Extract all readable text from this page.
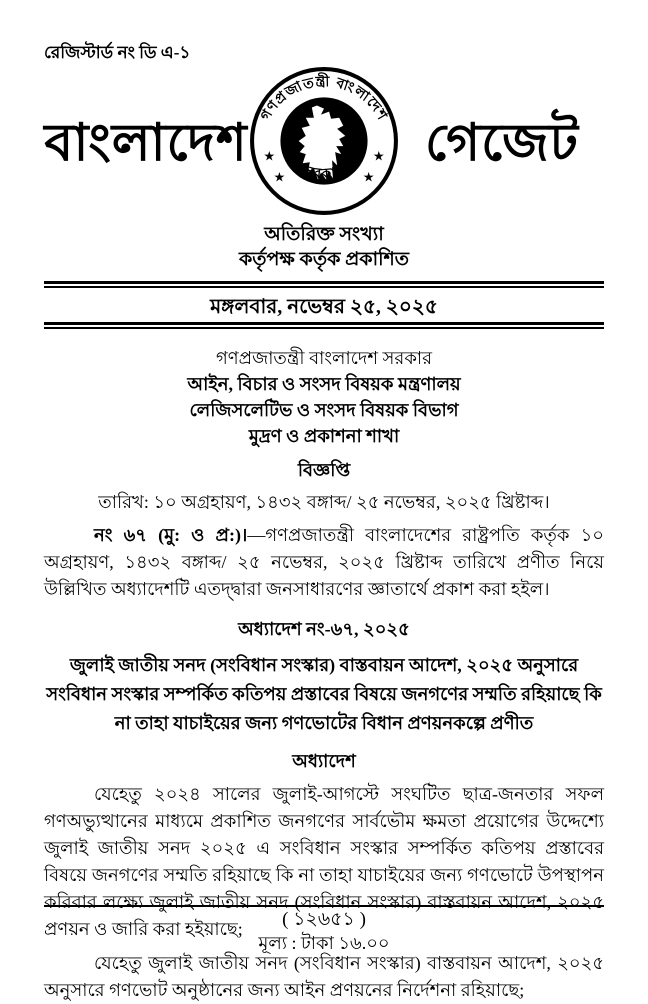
রেজিস্টার্ড নং ডি এ-১
বাংলাদেশ
গণপ্রজাতন্ত্রী বাংলাদেশ
সরকার
★
★
★
★
গেজেট
অতিরিক্ত সংখ্যা
কর্তৃপক্ষ কর্তৃক প্রকাশিত
মঙ্গলবার, নভেম্বর ২৫, ২০২৫
গণপ্রজাতন্ত্রী বাংলাদেশ সরকার
আইন, বিচার ও সংসদ বিষয়ক মন্ত্রণালয়
লেজিসলেটিভ ও সংসদ বিষয়ক বিভাগ
মুদ্রণ ও প্রকাশনা শাখা
বিজ্ঞপ্তি
তারিখ: ১০ অগ্রহায়ণ, ১৪৩২ বঙ্গাব্দ/ ২৫ নভেম্বর, ২০২৫ খ্রিষ্টাব্দ।

নং ৬৭ (মু: ও প্র:)।—গণপ্রজাতন্ত্রী বাংলাদেশের রাষ্ট্রপতি কর্তৃক ১০ অগ্রহায়ণ, ১৪৩২ বঙ্গাব্দ/ ২৫ নভেম্বর, ২০২৫ খ্রিষ্টাব্দ তারিখে প্রণীত নিয়ে উল্লিখিত অধ্যাদেশটি এতদ্দ্বারা জনসাধারণের জ্ঞাতার্থে প্রকাশ করা হইল।

অধ্যাদেশ নং-৬৭, ২০২৫
জুলাই জাতীয় সনদ (সংবিধান সংস্কার) বাস্তবায়ন আদেশ, ২০২৫ অনুসারে সংবিধান সংস্কার সম্পর্কিত কতিপয় প্রস্তাবের বিষয়ে জনগণের সম্মতি রহিয়াছে কি না তাহা যাচাইয়ের জন্য গণভোটের বিধান প্রণয়নকল্পে প্রণীত
অধ্যাদেশ

যেহেতু ২০২৪ সালের জুলাই-আগস্টে সংঘটিত ছাত্র-জনতার সফল গণঅভ্যুত্থানের মাধ্যমে প্রকাশিত জনগণের সার্বভৌম ক্ষমতা প্রয়োগের উদ্দেশ্যে জুলাই জাতীয় সনদ ২০২৫ এ সংবিধান সংস্কার সম্পর্কিত কতিপয় প্রস্তাবের বিষয়ে জনগণের সম্মতি রহিয়াছে কি না তাহা যাচাইয়ের জন্য গণভোটে উপস্থাপন করিবার লক্ষ্যে জুলাই জাতীয় সনদ (সংবিধান সংস্কার) বাস্তবায়ন আদেশ, ২০২৫ প্রণয়ন ও জারি করা হইয়াছে;

যেহেতু জুলাই জাতীয় সনদ (সংবিধান সংস্কার) বাস্তবায়ন আদেশ, ২০২৫ অনুসারে গণভোট অনুষ্ঠানের জন্য আইন প্রণয়নের নির্দেশনা রহিয়াছে;

( ১২৬৫১ )
মূল্য : টাকা ১৬.০০
